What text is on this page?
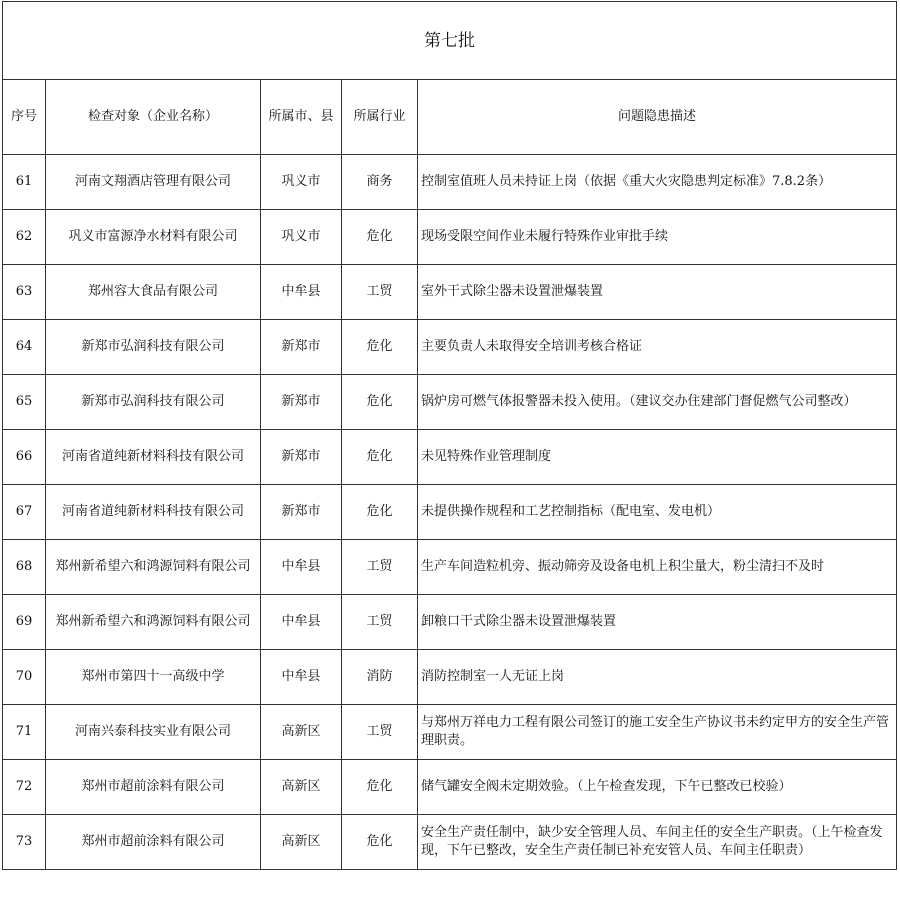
第七批				
序号	检查对象（企业名称）	所属市、县	所属行业	问题隐患描述
61	河南文翔酒店管理有限公司	巩义市	商务	控制室值班人员未持证上岗（依据《重大火灾隐患判定标准》7.8.2条）
62	巩义市富源净水材料有限公司	巩义市	危化	现场受限空间作业未履行特殊作业审批手续
63	郑州容大食品有限公司	中牟县	工贸	室外干式除尘器未设置泄爆装置
64	新郑市弘润科技有限公司	新郑市	危化	主要负责人未取得安全培训考核合格证
65	新郑市弘润科技有限公司	新郑市	危化	锅炉房可燃气体报警器未投入使用。（建议交办住建部门督促燃气公司整改）
66	河南省道纯新材料科技有限公司	新郑市	危化	未见特殊作业管理制度
67	河南省道纯新材料科技有限公司	新郑市	危化	未提供操作规程和工艺控制指标（配电室、发电机）
68	郑州新希望六和鸿源饲料有限公司	中牟县	工贸	生产车间造粒机旁、振动筛旁及设备电机上积尘量大，粉尘清扫不及时
69	郑州新希望六和鸿源饲料有限公司	中牟县	工贸	卸粮口干式除尘器未设置泄爆装置
70	郑州市第四十一高级中学	中牟县	消防	消防控制室一人无证上岗
71	河南兴泰科技实业有限公司	高新区	工贸	与郑州万祥电力工程有限公司签订的施工安全生产协议书未约定甲方的安全生产管理职责。
72	郑州市超前涂料有限公司	高新区	危化	储气罐安全阀未定期效验。（上午检查发现，下午已整改已校验）
73	郑州市超前涂料有限公司	高新区	危化	安全生产责任制中，缺少安全管理人员、车间主任的安全生产职责。（上午检查发现，下午已整改，安全生产责任制已补充安管人员、车间主任职责）
